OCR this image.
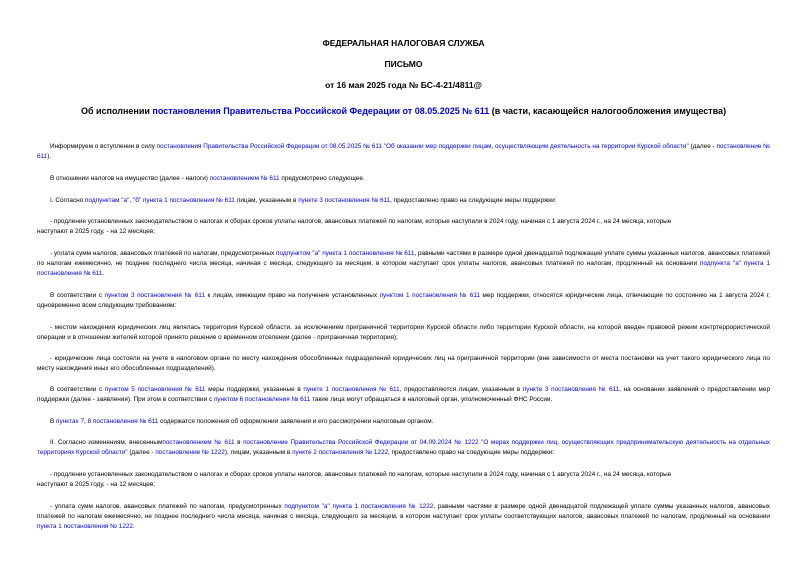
ФЕДЕРАЛЬНАЯ НАЛОГОВАЯ СЛУЖБА
ПИСЬМО
от 16 мая 2025 года № БС-4-21/4811@
Об исполнении постановления Правительства Российской Федерации от 08.05.2025 № 611 (в части, касающейся налогообложения имущества)
Информируем о вступлении в силу постановления Правительства Российской Федерации от 08.05.2025 № 611 "Об оказании мер поддержки лицам, осуществляющим деятельность на территории Курской области" (далее - постановление № 611).
В отношении налогов на имущество (далее - налоги) постановлением № 611 предусмотрено следующее.
I. Согласно подпунктам "а", "б" пункта 1 постановления № 611 лицам, указанным в пункте 3 постановления № 611, предоставлено право на следующие меры поддержки:
- продление установленных законодательством о налогах и сборах сроков уплаты налогов, авансовых платежей по налогам, которые наступили в 2024 году, начиная с 1 августа 2024 г., на 24 месяца, которые
наступают в 2025 году, - на 12 месяцев;
- уплата сумм налогов, авансовых платежей по налогам, предусмотренных подпунктом "а" пункта 1 постановления № 611, равными частями в размере одной двенадцатой подлежащей уплате суммы указанных налогов, авансовых платежей по налогам ежемесячно, не позднее последнего числа месяца, начиная с месяца, следующего за месяцем, в котором наступает срок уплаты налогов, авансовых платежей по налогам, продленный на основании подпункта "а" пункта 1 постановления № 611.
В соответствии с пунктом 3 постановления № 611 к лицам, имеющим право на получение установленных пунктом 1 постановления № 611 мер поддержки, относятся юридические лица, отвечающие по состоянию на 1 августа 2024 г. одновременно всем следующим требованиям:
- местом нахождения юридических лиц являлась территория Курской области, за исключением приграничной территории Курской области либо территории Курской области, на которой введен правовой режим контртеррористической операции и в отношении жителей которой принято решение о временном отселении (далее - приграничная территория);
- юридические лица состояли на учете в налоговом органе по месту нахождения обособленных подразделений юридических лиц на приграничной территории (вне зависимости от места постановки на учет такого юридического лица по месту нахождения иных его обособленных подразделений).
В соответствии с пунктом 5 постановления № 611 меры поддержки, указанные в пункте 1 постановления № 611, предоставляются лицам, указанным в пункте 3 постановления № 611, на основании заявлений о предоставлении мер поддержки (далее - заявления). При этом в соответствии с пунктом 6 постановления № 611 такие лица могут обращаться в налоговый орган, уполномоченный ФНС России.
В пунктах 7, 8 постановления № 611 содержатся положения об оформлении заявления и его рассмотрении налоговым органом.
II. Согласно изменениям, внесеннымпостановлением № 611 в постановление Правительства Российской Федерации от 04.09.2024 № 1222 "О мерах поддержки лиц, осуществляющих предпринимательскую деятельность на отдельных территориях Курской области" (далее - постановление № 1222), лицам, указанным в пункте 2 постановления № 1222, предоставлено право на следующие меры поддержки:
- продление установленных законодательством о налогах и сборах сроков уплаты налогов, авансовых платежей по налогам, которые наступили в 2024 году, начиная с 1 августа 2024 г., на 24 месяца, которые
наступают в 2025 году, - на 12 месяцев;
- уплата сумм налогов, авансовых платежей по налогам, предусмотренных подпунктом "а" пункта 1 постановления № 1222, равными частями в размере одной двенадцатой подлежащей уплате суммы указанных налогов, авансовых платежей по налогам ежемесячно, не позднее последнего числа месяца, начиная с месяца, следующего за месяцем, в котором наступает срок уплаты соответствующих налогов, авансовых платежей по налогам, продленный на основании пункта 1 постановления № 1222.
